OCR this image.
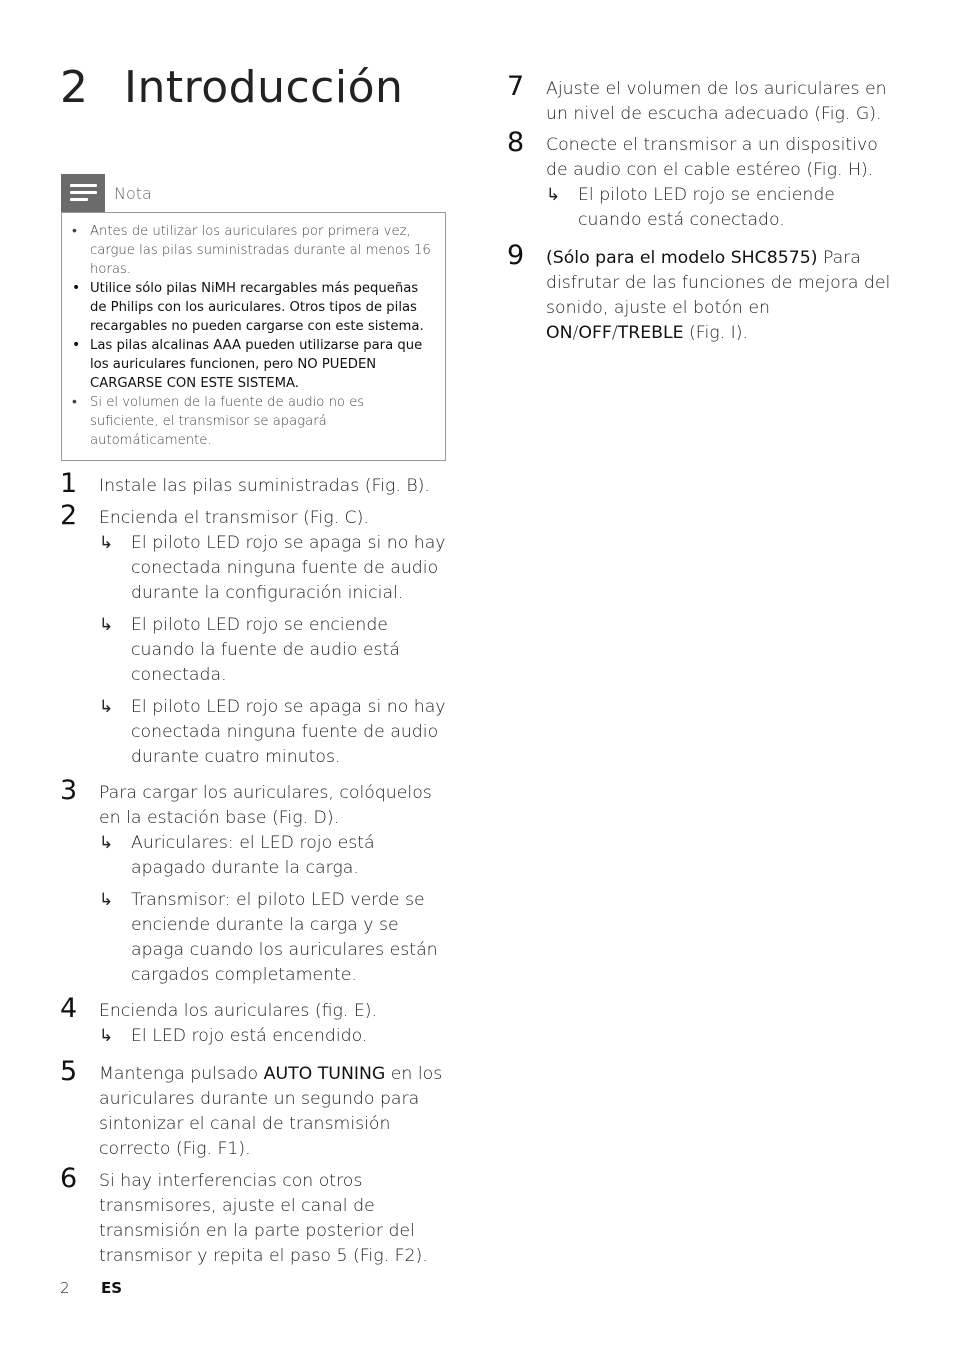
2 Introducción
Nota
• Antes de utilizar los auriculares por primera vez, cargue las pilas suministradas durante al menos 16 horas.
• Utilice sólo pilas NiMH recargables más pequeñas de Philips con los auriculares. Otros tipos de pilas recargables no pueden cargarse con este sistema.
• Las pilas alcalinas AAA pueden utilizarse para que los auriculares funcionen, pero NO PUEDEN CARGARSE CON ESTE SISTEMA.
• Si el volumen de la fuente de audio no es suficiente, el transmisor se apagará automáticamente.
1 Instale las pilas suministradas (Fig. B).
2 Encienda el transmisor (Fig. C).
↳ El piloto LED rojo se apaga si no hay conectada ninguna fuente de audio durante la configuración inicial.
↳ El piloto LED rojo se enciende cuando la fuente de audio está conectada.
↳ El piloto LED rojo se apaga si no hay conectada ninguna fuente de audio durante cuatro minutos.
3 Para cargar los auriculares, colóquelos en la estación base (Fig. D).
↳ Auriculares: el LED rojo está apagado durante la carga.
↳ Transmisor: el piloto LED verde se enciende durante la carga y se apaga cuando los auriculares están cargados completamente.
4 Encienda los auriculares (fig. E).
↳ El LED rojo está encendido.
5 Mantenga pulsado AUTO TUNING en los auriculares durante un segundo para sintonizar el canal de transmisión correcto (Fig. F1).
6 Si hay interferencias con otros transmisores, ajuste el canal de transmisión en la parte posterior del transmisor y repita el paso 5 (Fig. F2).
7 Ajuste el volumen de los auriculares en un nivel de escucha adecuado (Fig. G).
8 Conecte el transmisor a un dispositivo de audio con el cable estéreo (Fig. H).
↳ El piloto LED rojo se enciende cuando está conectado.
9 (Sólo para el modelo SHC8575) Para disfrutar de las funciones de mejora del sonido, ajuste el botón en ON/OFF/TREBLE (Fig. I).
2 ES
